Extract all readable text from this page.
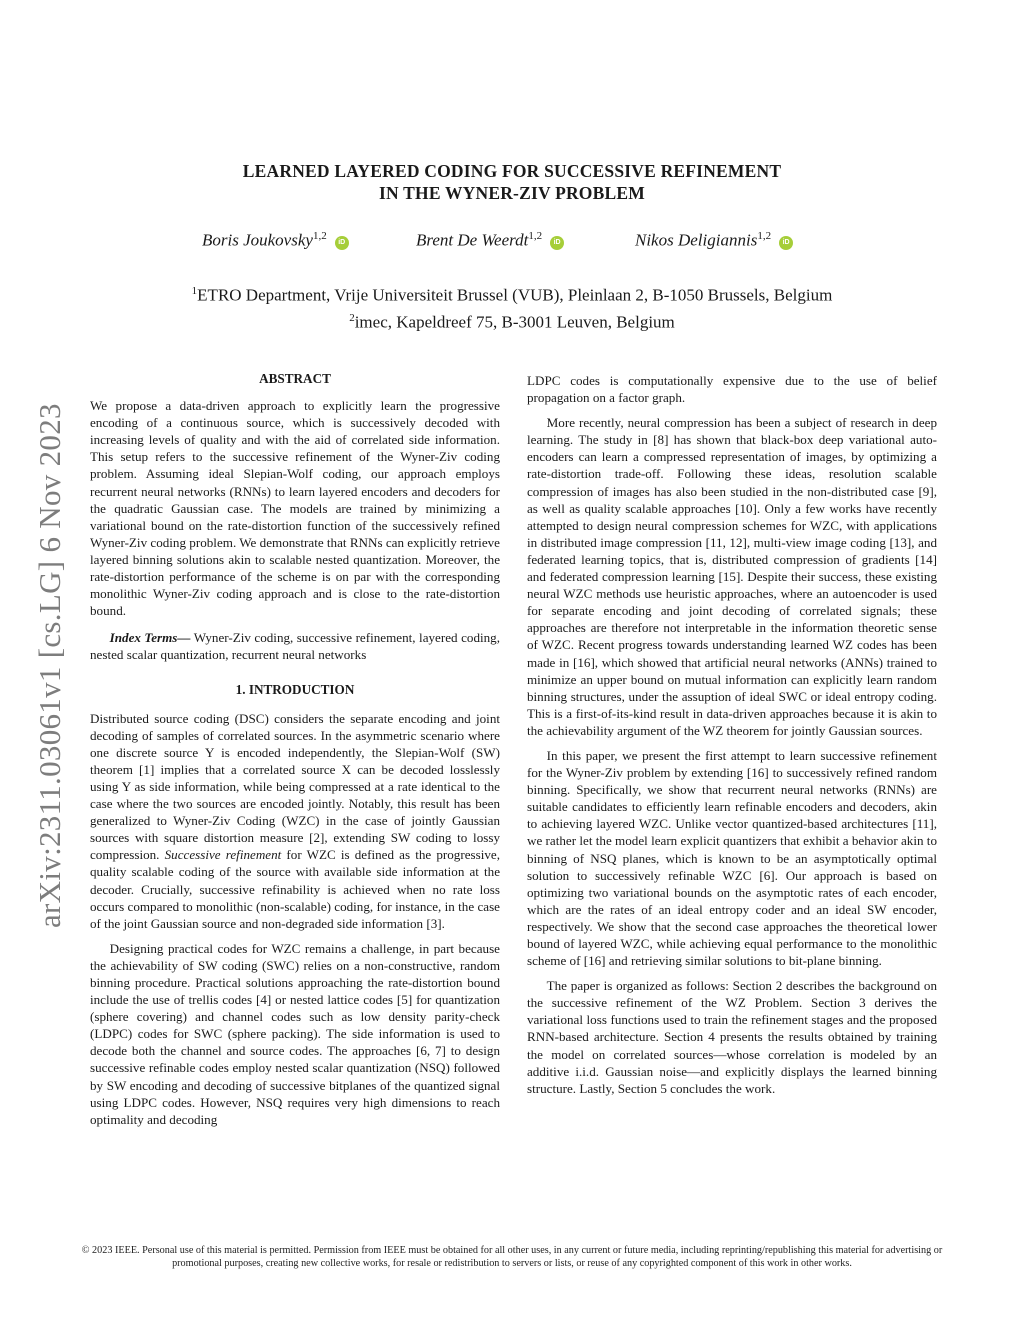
LEARNED LAYERED CODING FOR SUCCESSIVE REFINEMENT
IN THE WYNER-ZIV PROBLEM
Boris Joukovsky$^{1,2}$iD	Brent De Weerdt$^{1,2}$iD	Nikos Deligiannis$^{1,2}$iD
$^1$ETRO Department, Vrije Universiteit Brussel (VUB), Pleinlaan 2, B-1050 Brussels, Belgium
$^2$imec, Kapeldreef 75, B-3001 Leuven, Belgium
arXiv:2311.03061v1 [cs.LG] 6 Nov 2023
ABSTRACT

We propose a data-driven approach to explicitly learn the progressive encoding of a continuous source, which is successively decoded with increasing levels of quality and with the aid of correlated side information. This setup refers to the successive refinement of the Wyner-Ziv coding problem. Assuming ideal Slepian-Wolf coding, our approach employs recurrent neural networks (RNNs) to learn layered encoders and decoders for the quadratic Gaussian case. The models are trained by minimizing a variational bound on the rate-distortion function of the successively refined Wyner-Ziv coding problem. We demonstrate that RNNs can explicitly retrieve layered binning solutions akin to scalable nested quantization. Moreover, the rate-distortion performance of the scheme is on par with the corresponding monolithic Wyner-Ziv coding approach and is close to the rate-distortion bound.

Index Terms— Wyner-Ziv coding, successive refinement, layered coding, nested scalar quantization, recurrent neural networks

1. INTRODUCTION

Distributed source coding (DSC) considers the separate encoding and joint decoding of samples of correlated sources. In the asymmetric scenario where one discrete source Y is encoded independently, the Slepian-Wolf (SW) theorem [1] implies that a correlated source X can be decoded losslessly using Y as side information, while being compressed at a rate identical to the case where the two sources are encoded jointly. Notably, this result has been generalized to Wyner-Ziv Coding (WZC) in the case of jointly Gaussian sources with square distortion measure [2], extending SW coding to lossy compression. Successive refinement for WZC is defined as the progressive, quality scalable coding of the source with available side information at the decoder. Crucially, successive refinability is achieved when no rate loss occurs compared to monolithic (non-scalable) coding, for instance, in the case of the joint Gaussian source and non-degraded side information [3].

Designing practical codes for WZC remains a challenge, in part because the achievability of SW coding (SWC) relies on a non-constructive, random binning procedure. Practical solutions approaching the rate-distortion bound include the use of trellis codes [4] or nested lattice codes [5] for quantization (sphere covering) and channel codes such as low density parity-check (LDPC) codes for SWC (sphere packing). The side information is used to decode both the channel and source codes. The approaches [6, 7] to design successive refinable codes employ nested scalar quantization (NSQ) followed by SW encoding and decoding of successive bitplanes of the quantized signal using LDPC codes. However, NSQ requires very high dimensions to reach optimality and decoding

LDPC codes is computationally expensive due to the use of belief propagation on a factor graph.

More recently, neural compression has been a subject of research in deep learning. The study in [8] has shown that black-box deep variational auto-encoders can learn a compressed representation of images, by optimizing a rate-distortion trade-off. Following these ideas, resolution scalable compression of images has also been studied in the non-distributed case [9], as well as quality scalable approaches [10]. Only a few works have recently attempted to design neural compression schemes for WZC, with applications in distributed image compression [11, 12], multi-view image coding [13], and federated learning topics, that is, distributed compression of gradients [14] and federated compression learning [15]. Despite their success, these existing neural WZC methods use heuristic approaches, where an autoencoder is used for separate encoding and joint decoding of correlated signals; these approaches are therefore not interpretable in the information theoretic sense of WZC. Recent progress towards understanding learned WZ codes has been made in [16], which showed that artificial neural networks (ANNs) trained to minimize an upper bound on mutual information can explicitly learn random binning structures, under the assuption of ideal SWC or ideal entropy coding. This is a first-of-its-kind result in data-driven approaches because it is akin to the achievability argument of the WZ theorem for jointly Gaussian sources.

In this paper, we present the first attempt to learn successive refinement for the Wyner-Ziv problem by extending [16] to successively refined random binning. Specifically, we show that recurrent neural networks (RNNs) are suitable candidates to efficiently learn refinable encoders and decoders, akin to achieving layered WZC. Unlike vector quantized-based architectures [11], we rather let the model learn explicit quantizers that exhibit a behavior akin to binning of NSQ planes, which is known to be an asymptotically optimal solution to successively refinable WZC [6]. Our approach is based on optimizing two variational bounds on the asymptotic rates of each encoder, which are the rates of an ideal entropy coder and an ideal SW encoder, respectively. We show that the second case approaches the theoretical lower bound of layered WZC, while achieving equal performance to the monolithic scheme of [16] and retrieving similar solutions to bit-plane binning.

The paper is organized as follows: Section 2 describes the background on the successive refinement of the WZ Problem. Section 3 derives the variational loss functions used to train the refinement stages and the proposed RNN-based architecture. Section 4 presents the results obtained by training the model on correlated sources—whose correlation is modeled by an additive i.i.d. Gaussian noise—and explicitly displays the learned binning structure. Lastly, Section 5 concludes the work.

© 2023 IEEE. Personal use of this material is permitted. Permission from IEEE must be obtained for all other uses, in any current or future media, including reprinting/republishing this material for advertising or promotional purposes, creating new collective works, for resale or redistribution to servers or lists, or reuse of any copyrighted component of this work in other works.
